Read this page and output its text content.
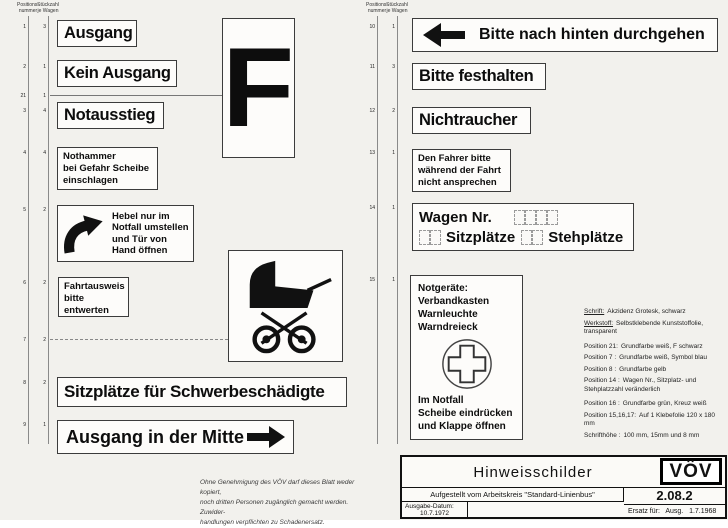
Positions-
nummer
Stückzahl
je Wagen
Positions-
nummer
Stückzahl
je Wagen
1	3
2	1
21	1
3	4
4	4
5	2
6	2
7	2
8	2
9	1
10	1
11	3
12	2
13	1
14	1
15	1
Ausgang
Kein Ausgang
Notausstieg
Nothammer
bei Gefahr Scheibe
einschlagen
Hebel nur im
Notfall umstellen
und Tür von
Hand öffnen
Fahrtausweis
bitte
entwerten
F
Sitzplätze für Schwerbeschädigte
Ausgang in der Mitte
Bitte nach hinten durchgehen
Bitte festhalten
Nichtraucher
Den Fahrer bitte
während der Fahrt
nicht ansprechen
Wagen Nr.
Sitzplätze Stehplätze
Notgeräte:
Verbandkasten
Warnleuchte
Warndreieck
Im Notfall
Scheibe eindrücken
und Klappe öffnen
Schrift: Akzidenz Grotesk, schwarz
Werkstoff: Selbstklebende Kunststoffolie, transparent
Position 21: Grundfarbe weiß, F schwarz
Position 7 : Grundfarbe weiß, Symbol blau
Position 8 : Grundfarbe gelb
Position 14 : Wagen Nr., Sitzplatz- und Stehplatzzahl veränderlich
Position 16 : Grundfarbe grün, Kreuz weiß
Position 15,16,17: Auf 1 Klebefolie 120 x 180 mm
Schrifthöhe : 100 mm, 15mm und 8 mm
Ohne Genehmigung des VÖV darf dieses Blatt weder kopiert,
noch dritten Personen zugänglich gemacht werden. Zuwider-
handlungen verpflichten zu Schadenersatz.
Hinweisschilder	VÖV
Aufgestellt vom Arbeitskreis "Standard-Linienbus"	2.08.2
Ausgabe-Datum:
10.7.1972	Ersatz für:   Ausg.   1.7.1968
